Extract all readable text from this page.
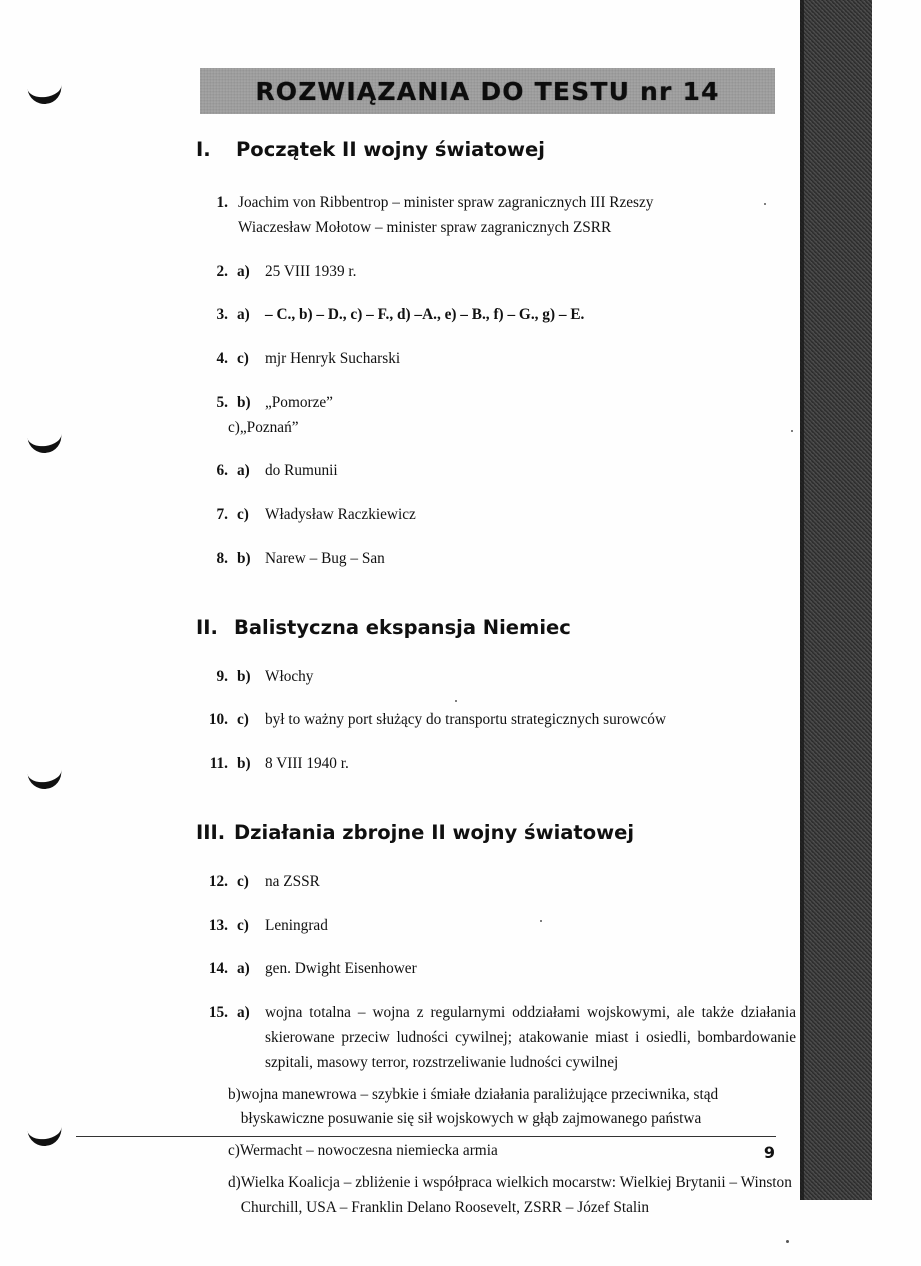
ROZWIĄZANIA DO TESTU nr 14
I.	Początek II wojny światowej
1. Joachim von Ribbentrop – minister spraw zagranicznych III Rzeszy
Wiaczesław Mołotow – minister spraw zagranicznych ZSRR
2. a) 25 VIII 1939 r.
3. a) – C., b) – D., c) – F., d) –A., e) – B., f) – G., g) – E.
4. c)	mjr Henryk Sucharski
5. b) „Pomorze”
c) „Poznań”
6. a) do Rumunii
7. c)	Władysław Raczkiewicz
8. b) Narew – Bug – San
II. Balistyczna ekspansja Niemiec
9. b) Włochy
10. c)	był to ważny port służący do transportu strategicznych surowców
11. b) 8 VIII 1940 r.
III. Działania zbrojne II wojny światowej
12. c)	na ZSSR
13. c)	Leningrad
14. a) gen. Dwight Eisenhower
15. a) wojna totalna – wojna z regularnymi oddziałami wojskowymi, ale także działania skierowane przeciw ludności cywilnej; atakowanie miast i osiedli, bombardowanie szpitali, masowy terror, rozstrzeliwanie ludności cywilnej
b) wojna manewrowa – szybkie i śmiałe działania paraliżujące przeciwnika, stąd błyskawiczne posuwanie się sił wojskowych w głąb zajmowanego państwa
c) Wermacht – nowoczesna niemiecka armia
d) Wielka Koalicja – zbliżenie i współpraca wielkich mocarstw: Wielkiej Brytanii – Winston Churchill, USA – Franklin Delano Roosevelt, ZSRR – Józef Stalin
9
